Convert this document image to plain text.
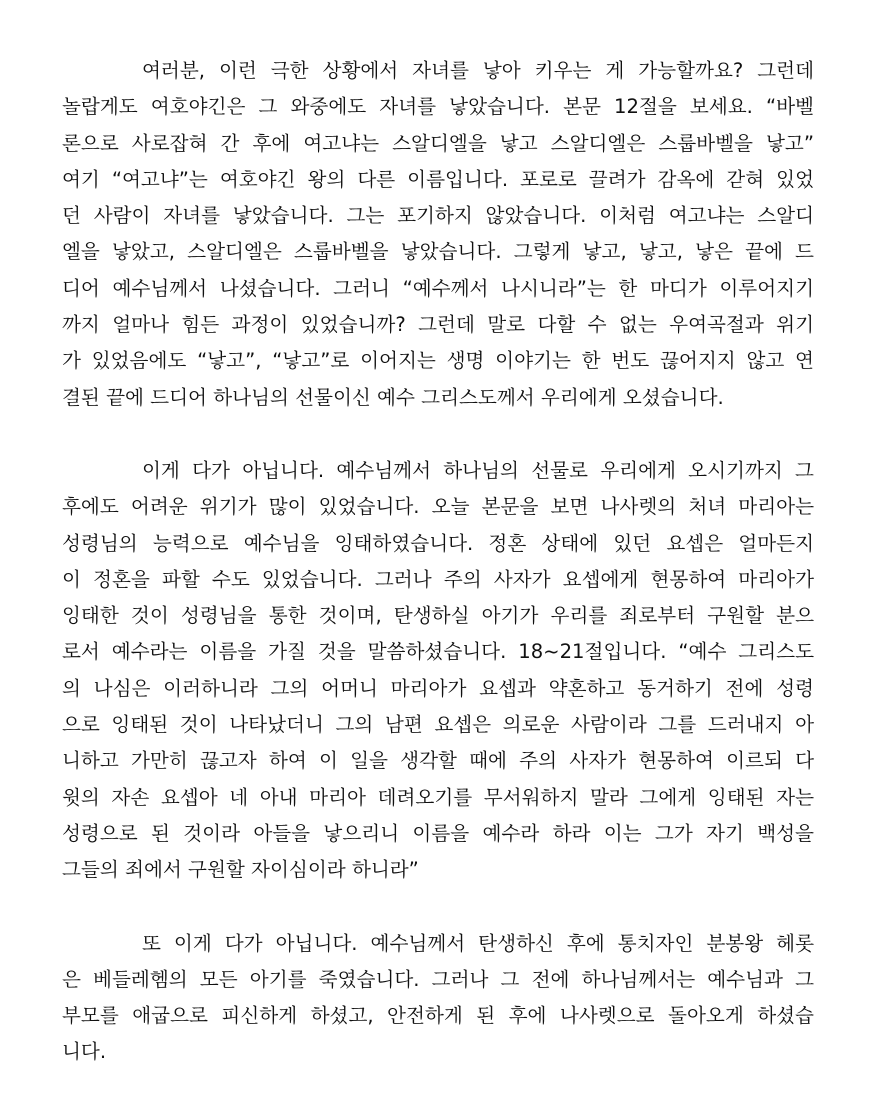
여러분, 이런 극한 상황에서 자녀를 낳아 키우는 게 가능할까요? 그런데
놀랍게도 여호야긴은 그 와중에도 자녀를 낳았습니다. 본문 12절을 보세요. “바벨
론으로 사로잡혀 간 후에 여고냐는 스알디엘을 낳고 스알디엘은 스룹바벨을 낳고”
여기 “여고냐”는 여호야긴 왕의 다른 이름입니다. 포로로 끌려가 감옥에 갇혀 있었
던 사람이 자녀를 낳았습니다. 그는 포기하지 않았습니다. 이처럼 여고냐는 스알디
엘을 낳았고, 스알디엘은 스룹바벨을 낳았습니다. 그렇게 낳고, 낳고, 낳은 끝에 드
디어 예수님께서 나셨습니다. 그러니 “예수께서 나시니라”는 한 마디가 이루어지기
까지 얼마나 힘든 과정이 있었습니까? 그런데 말로 다할 수 없는 우여곡절과 위기
가 있었음에도 “낳고”, “낳고”로 이어지는 생명 이야기는 한 번도 끊어지지 않고 연
결된 끝에 드디어 하나님의 선물이신 예수 그리스도께서 우리에게 오셨습니다.
이게 다가 아닙니다. 예수님께서 하나님의 선물로 우리에게 오시기까지 그
후에도 어려운 위기가 많이 있었습니다. 오늘 본문을 보면 나사렛의 처녀 마리아는
성령님의 능력으로 예수님을 잉태하였습니다. 정혼 상태에 있던 요셉은 얼마든지
이 정혼을 파할 수도 있었습니다. 그러나 주의 사자가 요셉에게 현몽하여 마리아가
잉태한 것이 성령님을 통한 것이며, 탄생하실 아기가 우리를 죄로부터 구원할 분으
로서 예수라는 이름을 가질 것을 말씀하셨습니다. 18~21절입니다. “예수 그리스도
의 나심은 이러하니라 그의 어머니 마리아가 요셉과 약혼하고 동거하기 전에 성령
으로 잉태된 것이 나타났더니 그의 남편 요셉은 의로운 사람이라 그를 드러내지 아
니하고 가만히 끊고자 하여 이 일을 생각할 때에 주의 사자가 현몽하여 이르되 다
윗의 자손 요셉아 네 아내 마리아 데려오기를 무서워하지 말라 그에게 잉태된 자는
성령으로 된 것이라 아들을 낳으리니 이름을 예수라 하라 이는 그가 자기 백성을
그들의 죄에서 구원할 자이심이라 하니라”
또 이게 다가 아닙니다. 예수님께서 탄생하신 후에 통치자인 분봉왕 헤롯
은 베들레헴의 모든 아기를 죽였습니다. 그러나 그 전에 하나님께서는 예수님과 그
부모를 애굽으로 피신하게 하셨고, 안전하게 된 후에 나사렛으로 돌아오게 하셨습
니다.
